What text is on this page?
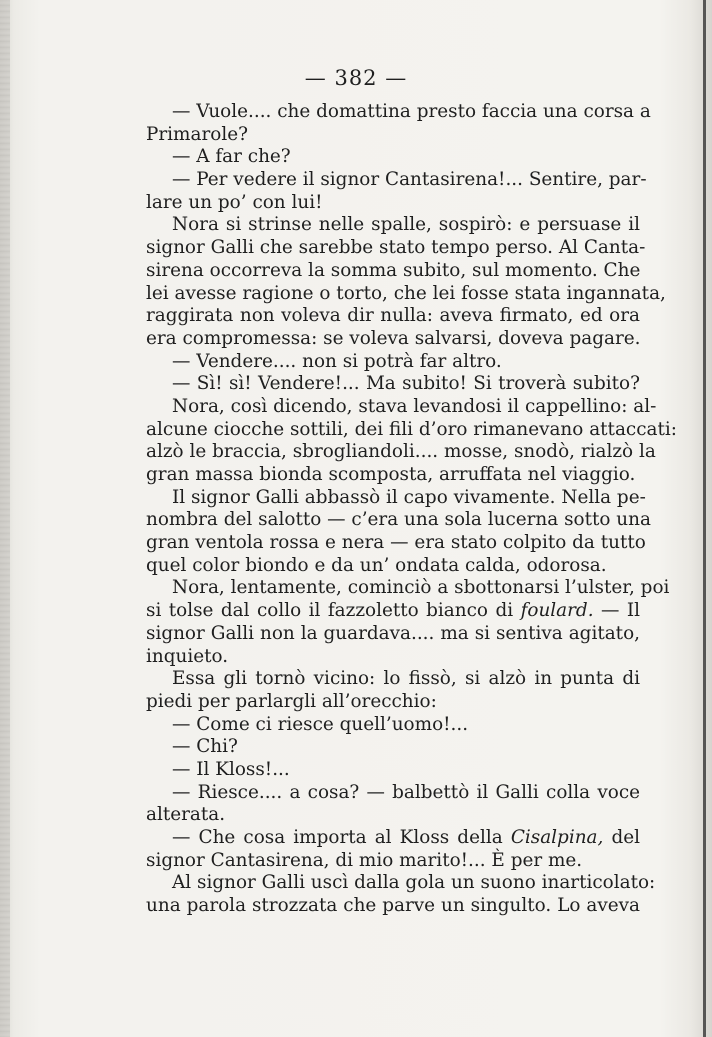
— 382 —
— Vuole.... che domattina presto faccia una corsa a
Primarole?
— A far che?
— Per vedere il signor Cantasirena!... Sentire, par-
lare un po’ con lui!
Nora si strinse nelle spalle, sospirò: e persuase il
signor Galli che sarebbe stato tempo perso. Al Canta-
sirena occorreva la somma subito, sul momento. Che
lei avesse ragione o torto, che lei fosse stata ingannata,
raggirata non voleva dir nulla: aveva firmato, ed ora
era compromessa: se voleva salvarsi, doveva pagare.
— Vendere.... non si potrà far altro.
— Sì! sì! Vendere!... Ma subito! Si troverà subito?
Nora, così dicendo, stava levandosi il cappellino: al-
alcune ciocche sottili, dei fili d’oro rimanevano attaccati:
alzò le braccia, sbrogliandoli.... mosse, snodò, rialzò la
gran massa bionda scomposta, arruffata nel viaggio.
Il signor Galli abbassò il capo vivamente. Nella pe-
nombra del salotto — c’era una sola lucerna sotto una
gran ventola rossa e nera — era stato colpito da tutto
quel color biondo e da un’ ondata calda, odorosa.
Nora, lentamente, cominciò a sbottonarsi l’ulster, poi
si tolse dal collo il fazzoletto bianco di foulard. — Il
signor Galli non la guardava.... ma si sentiva agitato,
inquieto.
Essa gli tornò vicino: lo fissò, si alzò in punta di
piedi per parlargli all’orecchio:
— Come ci riesce quell’uomo!...
— Chi?
— Il Kloss!...
— Riesce.... a cosa? — balbettò il Galli colla voce
alterata.
— Che cosa importa al Kloss della Cisalpina, del
signor Cantasirena, di mio marito!... È per me.
Al signor Galli uscì dalla gola un suono inarticolato:
una parola strozzata che parve un singulto. Lo aveva
